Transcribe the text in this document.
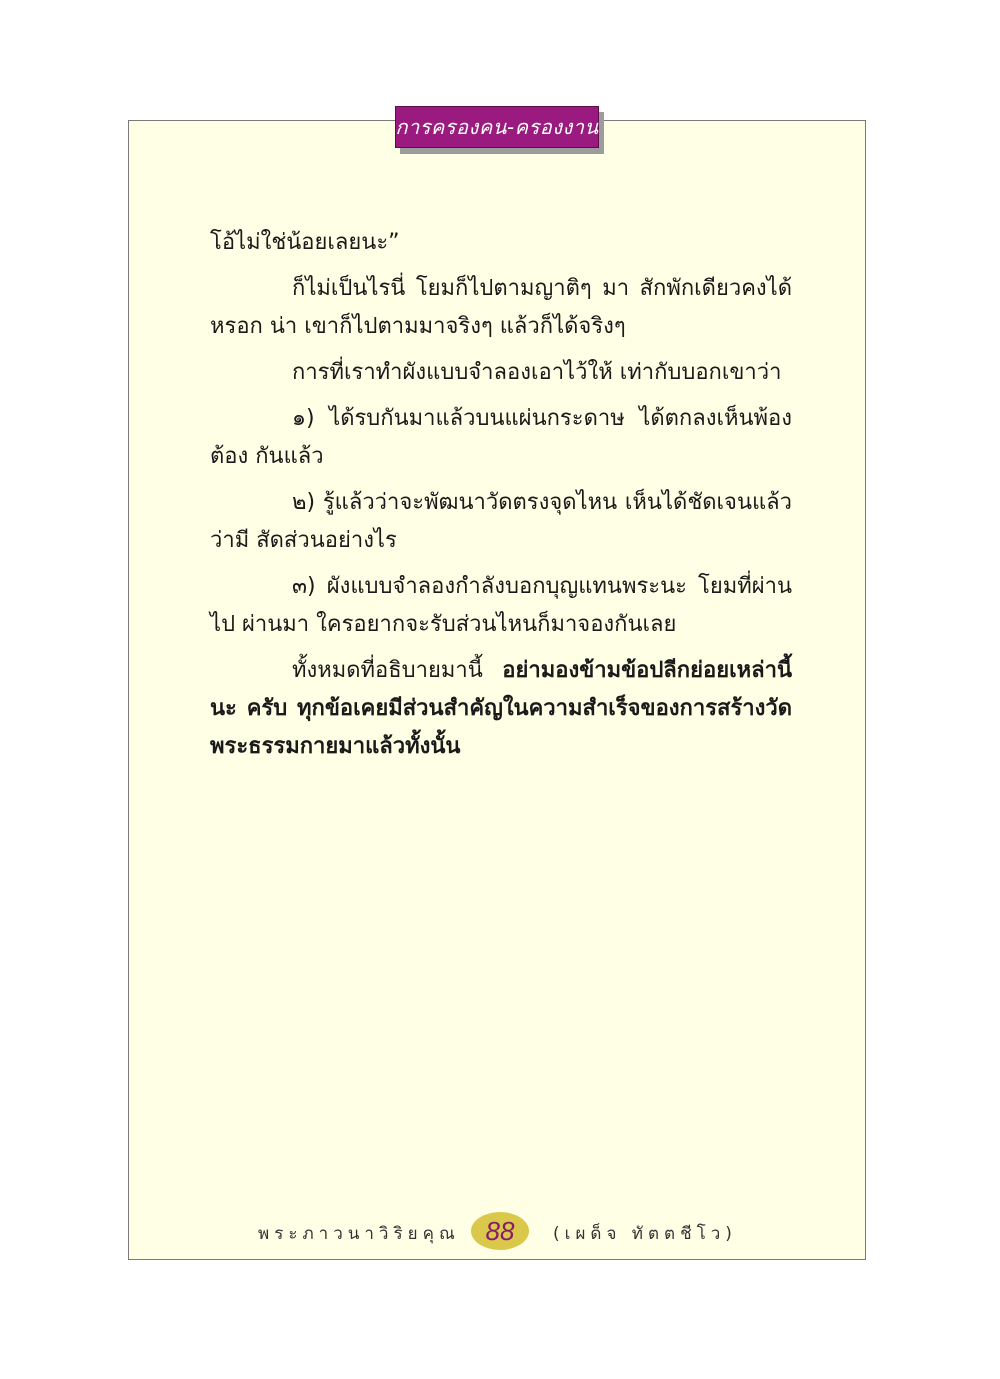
การครองคน-ครองงาน

โอ้ไม่ใช่น้อยเลยนะ”

ก็ไม่เป็นไรนี่ โยมก็ไปตามญาติๆ มา สักพักเดียวคงได้หรอก น่า เขาก็ไปตามมาจริงๆ แล้วก็ได้จริงๆ

การที่เราทำผังแบบจำลองเอาไว้ให้ เท่ากับบอกเขาว่า

๑) ได้รบกันมาแล้วบนแผ่นกระดาษ ได้ตกลงเห็นพ้องต้อง กันแล้ว

๒) รู้แล้วว่าจะพัฒนาวัดตรงจุดไหน เห็นได้ชัดเจนแล้วว่ามี สัดส่วนอย่างไร

๓) ผังแบบจำลองกำลังบอกบุญแทนพระนะ โยมที่ผ่านไป ผ่านมา ใครอยากจะรับส่วนไหนก็มาจองกันเลย

ทั้งหมดที่อธิบายมานี้ อย่ามองข้ามข้อปลีกย่อยเหล่านี้นะ ครับ ทุกข้อเคยมีส่วนสำคัญในความสำเร็จของการสร้างวัด พระธรรมกายมาแล้วทั้งนั้น

พระภาวนาวิริยคุณ 88 (เผด็จ ทัตตชีโว)
